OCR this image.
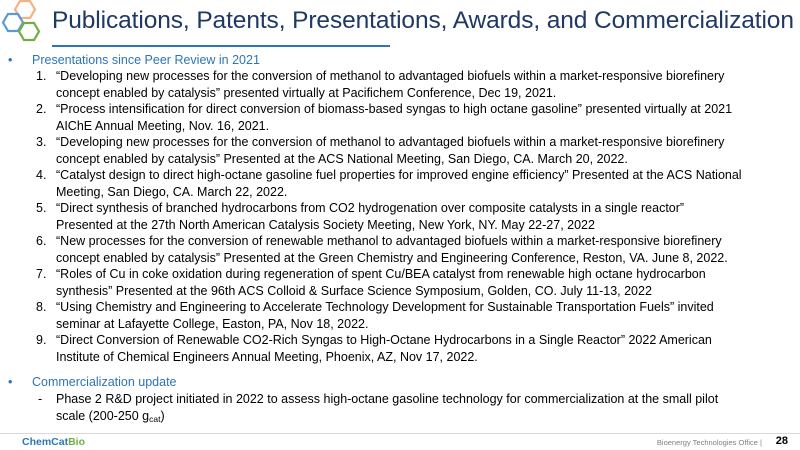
Publications, Patents, Presentations, Awards, and Commercialization
• Presentations since Peer Review in 2021
1. “Developing new processes for the conversion of methanol to advantaged biofuels within a market-responsive biorefinery
concept enabled by catalysis” presented virtually at Pacifichem Conference, Dec 19, 2021.
2. “Process intensification for direct conversion of biomass-based syngas to high octane gasoline” presented virtually at 2021
AIChE Annual Meeting, Nov. 16, 2021.
3. “Developing new processes for the conversion of methanol to advantaged biofuels within a market-responsive biorefinery
concept enabled by catalysis” Presented at the ACS National Meeting, San Diego, CA. March 20, 2022.
4. “Catalyst design to direct high-octane gasoline fuel properties for improved engine efficiency” Presented at the ACS National
Meeting, San Diego, CA. March 22, 2022.
5. “Direct synthesis of branched hydrocarbons from CO2 hydrogenation over composite catalysts in a single reactor”
Presented at the 27th North American Catalysis Society Meeting, New York, NY. May 22-27, 2022
6. “New processes for the conversion of renewable methanol to advantaged biofuels within a market-responsive biorefinery
concept enabled by catalysis” Presented at the Green Chemistry and Engineering Conference, Reston, VA. June 8, 2022.
7. “Roles of Cu in coke oxidation during regeneration of spent Cu/BEA catalyst from renewable high octane hydrocarbon
synthesis” Presented at the 96th ACS Colloid & Surface Science Symposium, Golden, CO. July 11-13, 2022
8. “Using Chemistry and Engineering to Accelerate Technology Development for Sustainable Transportation Fuels” invited
seminar at Lafayette College, Easton, PA, Nov 18, 2022.
9. “Direct Conversion of Renewable CO2-Rich Syngas to High-Octane Hydrocarbons in a Single Reactor” 2022 American
Institute of Chemical Engineers Annual Meeting, Phoenix, AZ, Nov 17, 2022.
• Commercialization update
- Phase 2 R&D project initiated in 2022 to assess high-octane gasoline technology for commercialization at the small pilot
scale (200-250 $g_{cat}$)
ChemCatBio	Bioenergy Technologies Office | 28
